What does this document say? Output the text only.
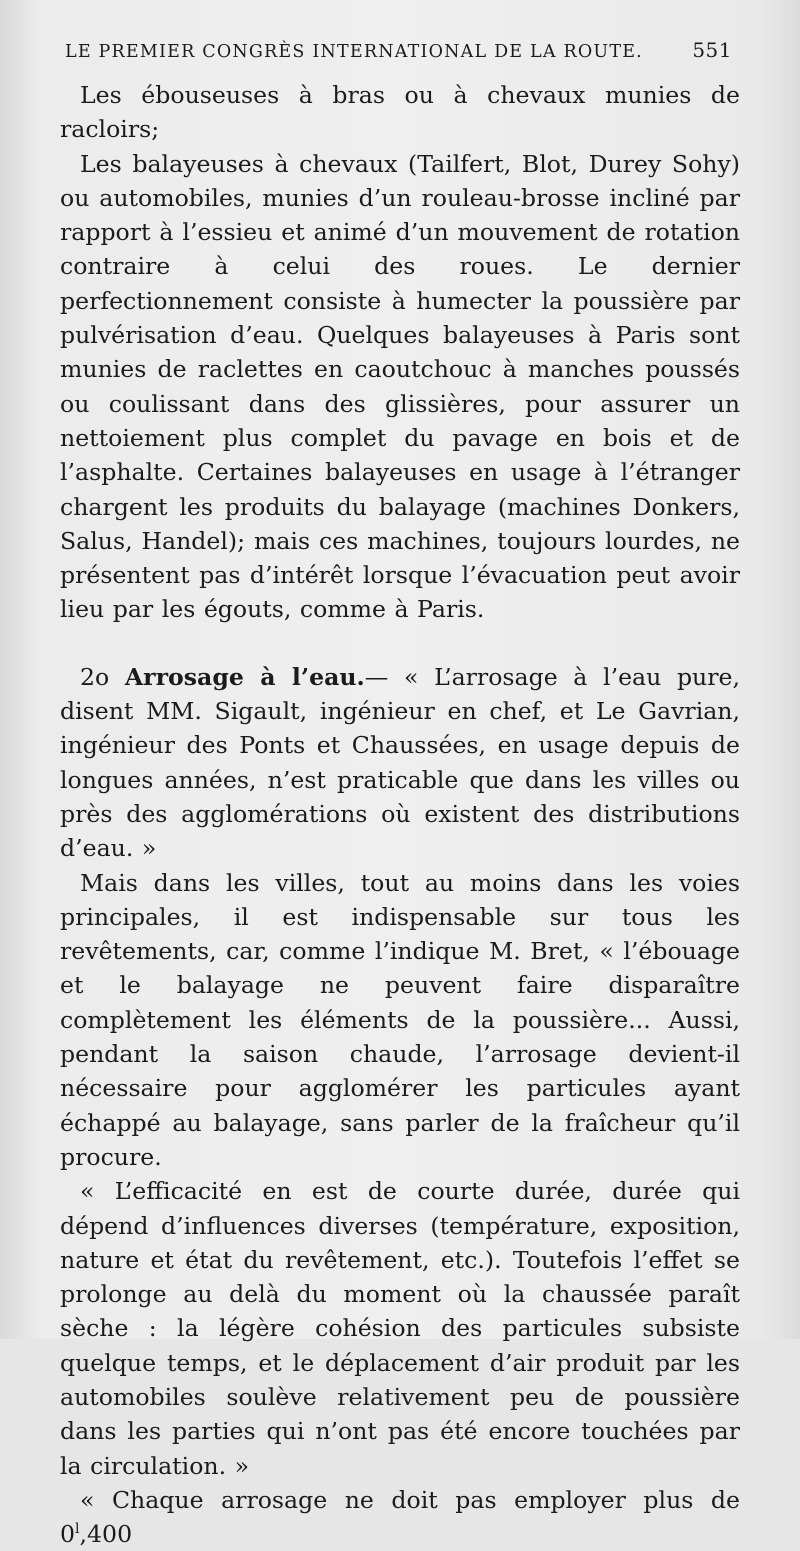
LE PREMIER CONGRÈS INTERNATIONAL DE LA ROUTE. 551

Les ébouseuses à bras ou à chevaux munies de racloirs;

Les balayeuses à chevaux (Tailfert, Blot, Durey Sohy) ou automobiles, munies d’un rouleau-brosse incliné par rapport à l’essieu et animé d’un mouvement de rotation contraire à celui des roues. Le dernier perfectionnement consiste à humecter la poussière par pulvérisation d’eau. Quelques balayeuses à Paris sont munies de raclettes en caoutchouc à manches poussés ou coulissant dans des glissières, pour assurer un nettoiement plus complet du pavage en bois et de l’asphalte. Certaines balayeuses en usage à l’étranger chargent les produits du balayage (machines Donkers, Salus, Handel); mais ces machines, toujours lourdes, ne présentent pas d’intérêt lorsque l’évacuation peut avoir lieu par les égouts, comme à Paris.

2o Arrosage à l’eau.— « L’arrosage à l’eau pure, disent MM. Sigault, ingénieur en chef, et Le Gavrian, ingénieur des Ponts et Chaussées, en usage depuis de longues années, n’est praticable que dans les villes ou près des agglomérations où existent des distributions d’eau. »

Mais dans les villes, tout au moins dans les voies principales, il est indispensable sur tous les revêtements, car, comme l’indique M. Bret, « l’ébouage et le balayage ne peuvent faire disparaître complètement les éléments de la poussière... Aussi, pendant la saison chaude, l’arrosage devient-il nécessaire pour agglomérer les particules ayant échappé au balayage, sans parler de la fraîcheur qu’il procure.

« L’efficacité en est de courte durée, durée qui dépend d’influences diverses (température, exposition, nature et état du revêtement, etc.). Toutefois l’effet se prolonge au delà du moment où la chaussée paraît sèche : la légère cohésion des particules subsiste quelque temps, et le déplacement d’air produit par les automobiles soulève relativement peu de poussière dans les parties qui n’ont pas été encore touchées par la circulation. »

« Chaque arrosage ne doit pas employer plus de 0$^l$,400
